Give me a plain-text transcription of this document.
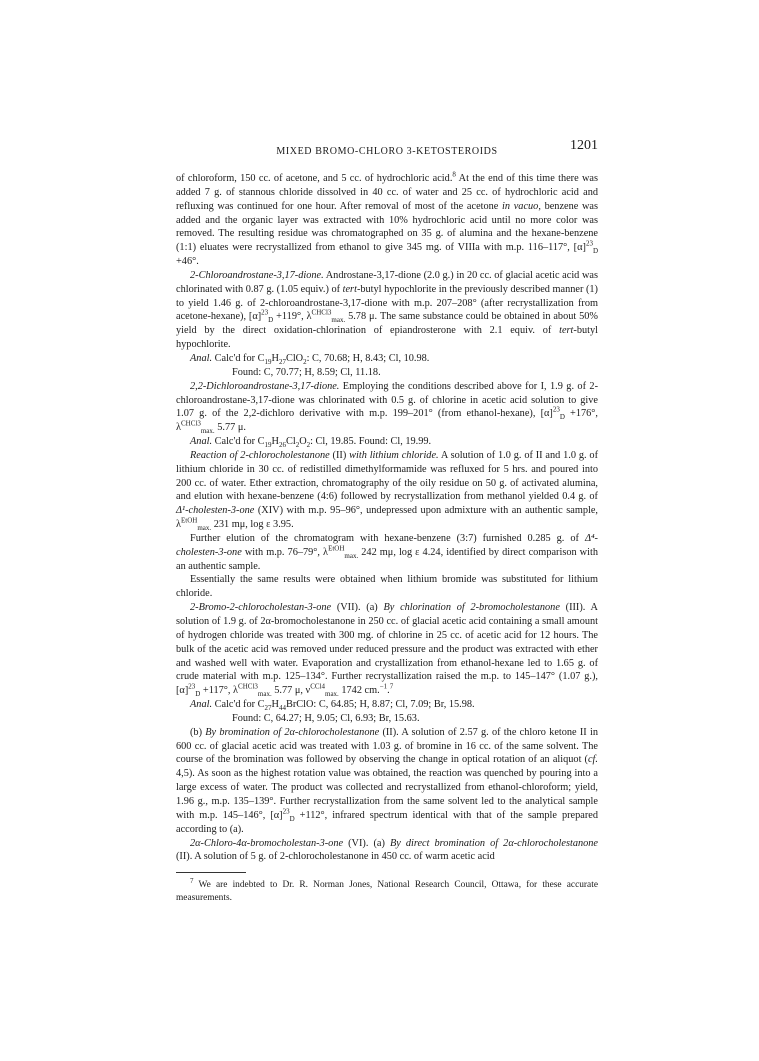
MIXED BROMO-CHLORO 3-KETOSTEROIDS	1201

of chloroform, 150 cc. of acetone, and 5 cc. of hydrochloric acid.$^8$ At the end of this time there was added 7 g. of stannous chloride dissolved in 40 cc. of water and 25 cc. of hydrochloric acid and refluxing was continued for one hour. After removal of most of the acetone in vacuo, benzene was added and the organic layer was extracted with 10% hydrochloric acid until no more color was removed. The resulting residue was chromatographed on 35 g. of alumina and the hexane-benzene (1:1) eluates were recrystallized from ethanol to give 345 mg. of VIIIa with m.p. 116–117°, $[\alpha]^{23}_D +46^\circ$.

2-Chloroandrostane-3,17-dione. Androstane-3,17-dione (2.0 g.) in 20 cc. of glacial acetic acid was chlorinated with 0.87 g. (1.05 equiv.) of tert-butyl hypochlorite in the previously described manner (1) to yield 1.46 g. of 2-chloroandrostane-3,17-dione with m.p. 207–208° (after recrystallization from acetone-hexane), $[\alpha]^{23}_D +119^\circ$, $\lambda^{CHCl3}_{max.}$ 5.78 μ. The same substance could be obtained in about 50% yield by the direct oxidation-chlorination of epiandrosterone with 2.1 equiv. of tert-butyl hypochlorite.

Anal. Calc'd for $C_{19}H_{27}ClO_2$: C, 70.68; H, 8.43; Cl, 10.98.

Found: C, 70.77; H, 8.59; Cl, 11.18.

2,2-Dichloroandrostane-3,17-dione. Employing the conditions described above for I, 1.9 g. of 2-chloroandrostane-3,17-dione was chlorinated with 0.5 g. of chlorine in acetic acid solution to give 1.07 g. of the 2,2-dichloro derivative with m.p. 199–201° (from ethanol-hexane), $[\alpha]^{23}_D +176^\circ$, $\lambda^{CHCl3}_{max.}$ 5.77 μ.

Anal. Calc'd for $C_{19}H_{26}Cl_2O_2$: Cl, 19.85. Found: Cl, 19.99.

Reaction of 2-chlorocholestanone (II) with lithium chloride. A solution of 1.0 g. of II and 1.0 g. of lithium chloride in 30 cc. of redistilled dimethylformamide was refluxed for 5 hrs. and poured into 200 cc. of water. Ether extraction, chromatography of the oily residue on 50 g. of activated alumina, and elution with hexane-benzene (4:6) followed by recrystallization from methanol yielded 0.4 g. of Δ¹-cholesten-3-one (XIV) with m.p. 95–96°, undepressed upon admixture with an authentic sample, $\lambda^{EtOH}_{max.}$ 231 mμ, log ε 3.95.

Further elution of the chromatogram with hexane-benzene (3:7) furnished 0.285 g. of Δ⁴-cholesten-3-one with m.p. 76–79°, $\lambda^{EtOH}_{max.}$ 242 mμ, log ε 4.24, identified by direct comparison with an authentic sample.

Essentially the same results were obtained when lithium bromide was substituted for lithium chloride.

2-Bromo-2-chlorocholestan-3-one (VII). (a) By chlorination of 2-bromocholestanone (III). A solution of 1.9 g. of 2α-bromocholestanone in 250 cc. of glacial acetic acid containing a small amount of hydrogen chloride was treated with 300 mg. of chlorine in 25 cc. of acetic acid for 12 hours. The bulk of the acetic acid was removed under reduced pressure and the product was extracted with ether and washed well with water. Evaporation and crystallization from ethanol-hexane led to 1.65 g. of crude material with m.p. 125–134°. Further recrystallization raised the m.p. to 145–147° (1.07 g.), $[\alpha]^{23}_D +117^\circ$, $\lambda^{CHCl3}_{max.}$ 5.77 μ, $\nu^{CCl4}_{max.}$ 1742 cm.$^{-1}$.$^7$

Anal. Calc'd for $C_{27}H_{44}BrClO$: C, 64.85; H, 8.87; Cl, 7.09; Br, 15.98.

Found: C, 64.27; H, 9.05; Cl, 6.93; Br, 15.63.

(b) By bromination of 2α-chlorocholestanone (II). A solution of 2.57 g. of the chloro ketone II in 600 cc. of glacial acetic acid was treated with 1.03 g. of bromine in 16 cc. of the same solvent. The course of the bromination was followed by observing the change in optical rotation of an aliquot (cf. 4,5). As soon as the highest rotation value was obtained, the reaction was quenched by pouring into a large excess of water. The product was collected and recrystallized from ethanol-chloroform; yield, 1.96 g., m.p. 135–139°. Further recrystallization from the same solvent led to the analytical sample with m.p. 145–146°, $[\alpha]^{23}_D +112^\circ$, infrared spectrum identical with that of the sample prepared according to (a).

2α-Chloro-4α-bromocholestan-3-one (VI). (a) By direct bromination of 2α-chlorocholestanone (II). A solution of 5 g. of 2-chlorocholestanone in 450 cc. of warm acetic acid

$^7$ We are indebted to Dr. R. Norman Jones, National Research Council, Ottawa, for these accurate measurements.
